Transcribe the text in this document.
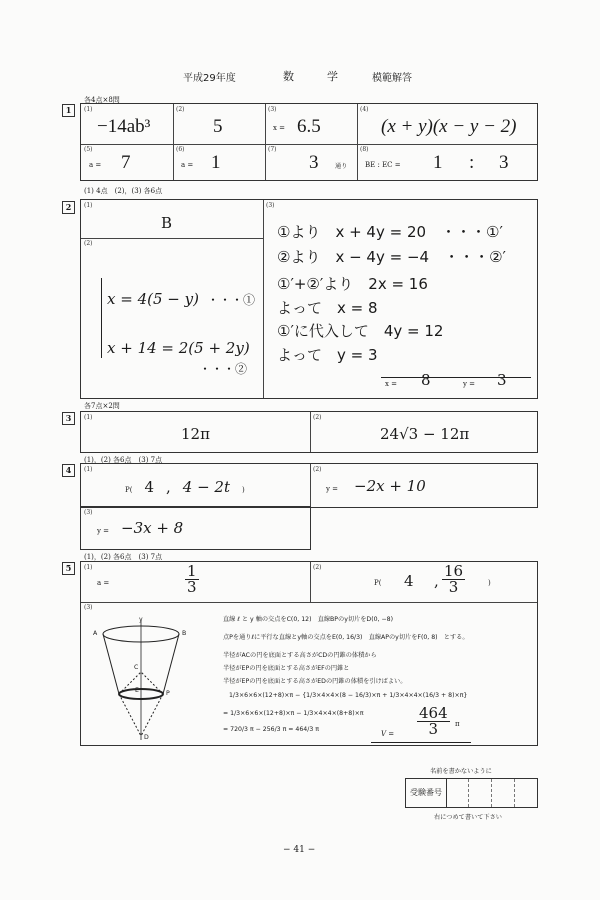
平成29年度	数	学	模範解答
各4点×8問
1	(1)
−14ab³
(2)
5
(3)
x = 6.5
(4)
(x + y)(x − y − 2)
(5)
a = 7
(6)
a = 1
(7)
3	通り
(8)
BE : EC = 1 : 3
(1) 4点　(2)，(3) 各6点
2	(1)
B
(2)
x = 4(5 − y) ・・・①
x + 14 = 2(5 + 2y)
・・・②
(3)
①より　x + 4y = 20　・・・①′
②より　x − 4y = −4　・・・②′
①′+②′より　2x = 16
よって　x = 8
①′に代入して　4y = 12
よって　y = 3
x = 8	y = 3
各7点×2問
3	(1)
12π
(2)
24√3 − 12π
(1)，(2) 各6点　(3) 7点
4	(1)
P( 4 , 4 − 2t )
(2)
y = −2x + 10
(3)
y = −3x + 8
(1)，(2) 各6点　(3) 7点
5	(1)
a =	$\frac{1}{3}$	(2)
P( 4 , $\frac{16}{3}$	)
(3)
y
A	B
C
E	P
D
直線 ℓ と y 軸の交点をC(0, 12)　直線BPのy切片をD(0, −8)
点Pを通りℓに平行な直線とy軸の交点をE(0, 16/3)　直線APのy切片をF(0, 8)　とする。
半径がACの円を底面とする高さがCDの円錐の体積から
半径がEPの円を底面とする高さがEFの円錐と
半径がEPの円を底面とする高さがEDの円錐の体積を引けばよい。
1/3×6×6×(12+8)×π − {1/3×4×4×(8 − 16/3)×π + 1/3×4×4×(16/3 + 8)×π}
= 1/3×6×6×(12+8)×π − 1/3×4×4×(8+8)×π
= 720/3 π − 256/3 π = 464/3 π
$V = \frac{464}{3}$ π
名前を書かないように
受験番号
右につめて書いて下さい
− 41 −
